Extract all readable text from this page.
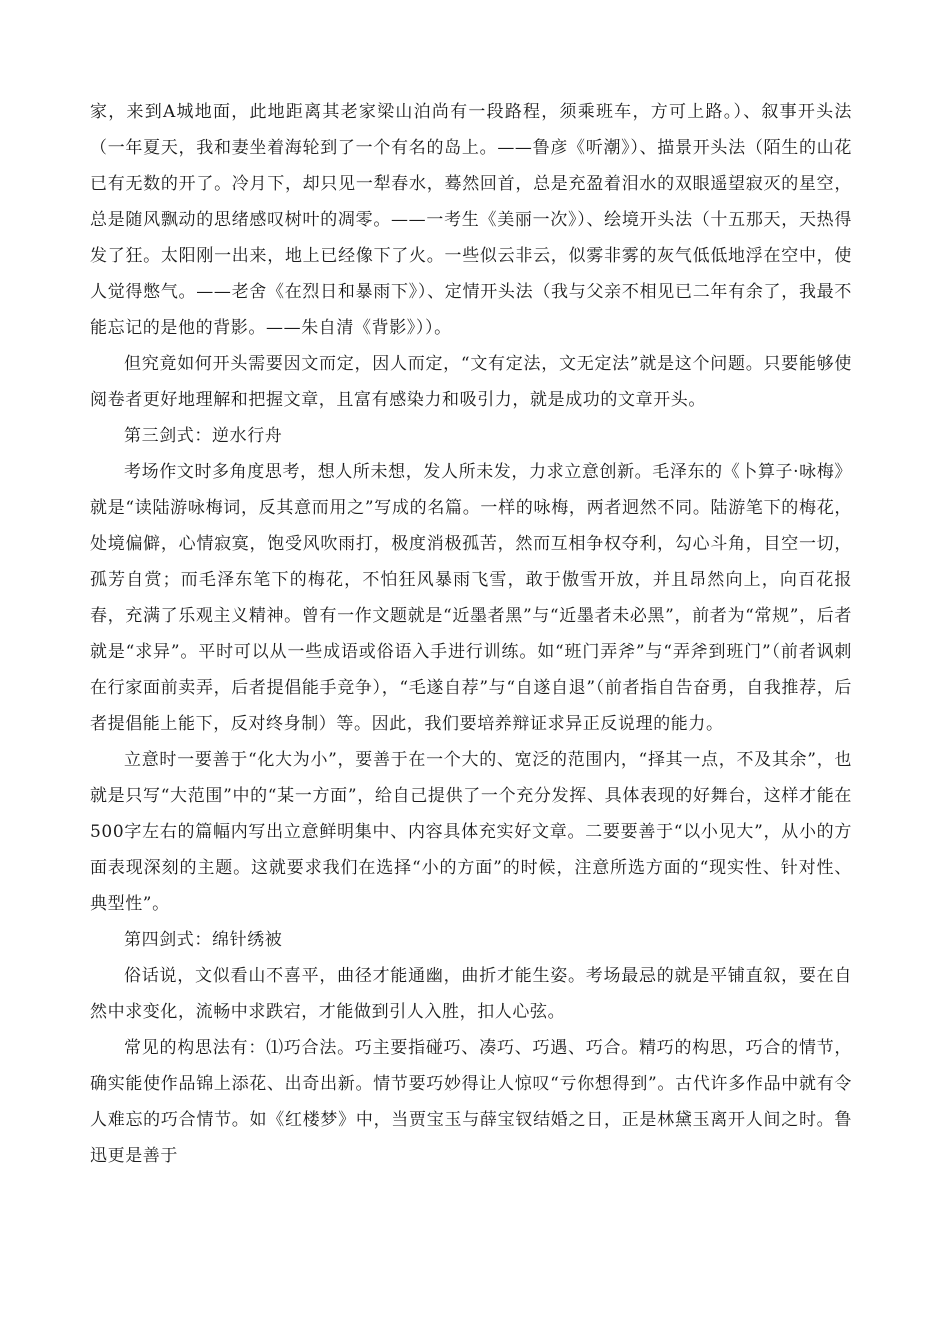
家，来到A城地面，此地距离其老家梁山泊尚有一段路程，须乘班车，方可上路。）、叙事开头法（一年夏天，我和妻坐着海轮到了一个有名的岛上。——鲁彦《听潮》）、描景开头法（陌生的山花已有无数的开了。冷月下，却只见一犁春水，蓦然回首，总是充盈着泪水的双眼遥望寂灭的星空，总是随风飘动的思绪感叹树叶的凋零。——一考生《美丽一次》）、绘境开头法（十五那天，天热得发了狂。太阳刚一出来，地上已经像下了火。一些似云非云，似雾非雾的灰气低低地浮在空中，使人觉得憋气。——老舍《在烈日和暴雨下》）、定情开头法（我与父亲不相见已二年有余了，我最不能忘记的是他的背影。——朱自清《背影》））。

但究竟如何开头需要因文而定，因人而定，“文有定法，文无定法”就是这个问题。只要能够使阅卷者更好地理解和把握文章，且富有感染力和吸引力，就是成功的文章开头。

第三剑式：逆水行舟

考场作文时多角度思考，想人所未想，发人所未发，力求立意创新。毛泽东的《卜算子·咏梅》就是“读陆游咏梅词，反其意而用之”写成的名篇。一样的咏梅，两者迥然不同。陆游笔下的梅花，处境偏僻，心情寂寞，饱受风吹雨打，极度消极孤苦，然而互相争权夺利，勾心斗角，目空一切，孤芳自赏；而毛泽东笔下的梅花，不怕狂风暴雨飞雪，敢于傲雪开放，并且昂然向上，向百花报春，充满了乐观主义精神。曾有一作文题就是“近墨者黑”与“近墨者未必黑”，前者为“常规”，后者就是“求异”。平时可以从一些成语或俗语入手进行训练。如“班门弄斧”与“弄斧到班门”（前者讽刺在行家面前卖弄，后者提倡能手竞争），“毛遂自荐”与“自遂自退”（前者指自告奋勇，自我推荐，后者提倡能上能下，反对终身制）等。因此，我们要培养辩证求异正反说理的能力。

立意时一要善于“化大为小”，要善于在一个大的、宽泛的范围内，“择其一点，不及其余”，也就是只写“大范围”中的“某一方面”，给自己提供了一个充分发挥、具体表现的好舞台，这样才能在500字左右的篇幅内写出立意鲜明集中、内容具体充实好文章。二要要善于“以小见大”，从小的方面表现深刻的主题。这就要求我们在选择“小的方面”的时候，注意所选方面的“现实性、针对性、典型性”。

第四剑式：绵针绣被

俗话说，文似看山不喜平，曲径才能通幽，曲折才能生姿。考场最忌的就是平铺直叙，要在自然中求变化，流畅中求跌宕，才能做到引人入胜，扣人心弦。

常见的构思法有：⑴巧合法。巧主要指碰巧、凑巧、巧遇、巧合。精巧的构思，巧合的情节，确实能使作品锦上添花、出奇出新。情节要巧妙得让人惊叹“亏你想得到”。古代许多作品中就有令人难忘的巧合情节。如《红楼梦》中，当贾宝玉与薛宝钗结婚之日，正是林黛玉离开人间之时。鲁迅更是善于
